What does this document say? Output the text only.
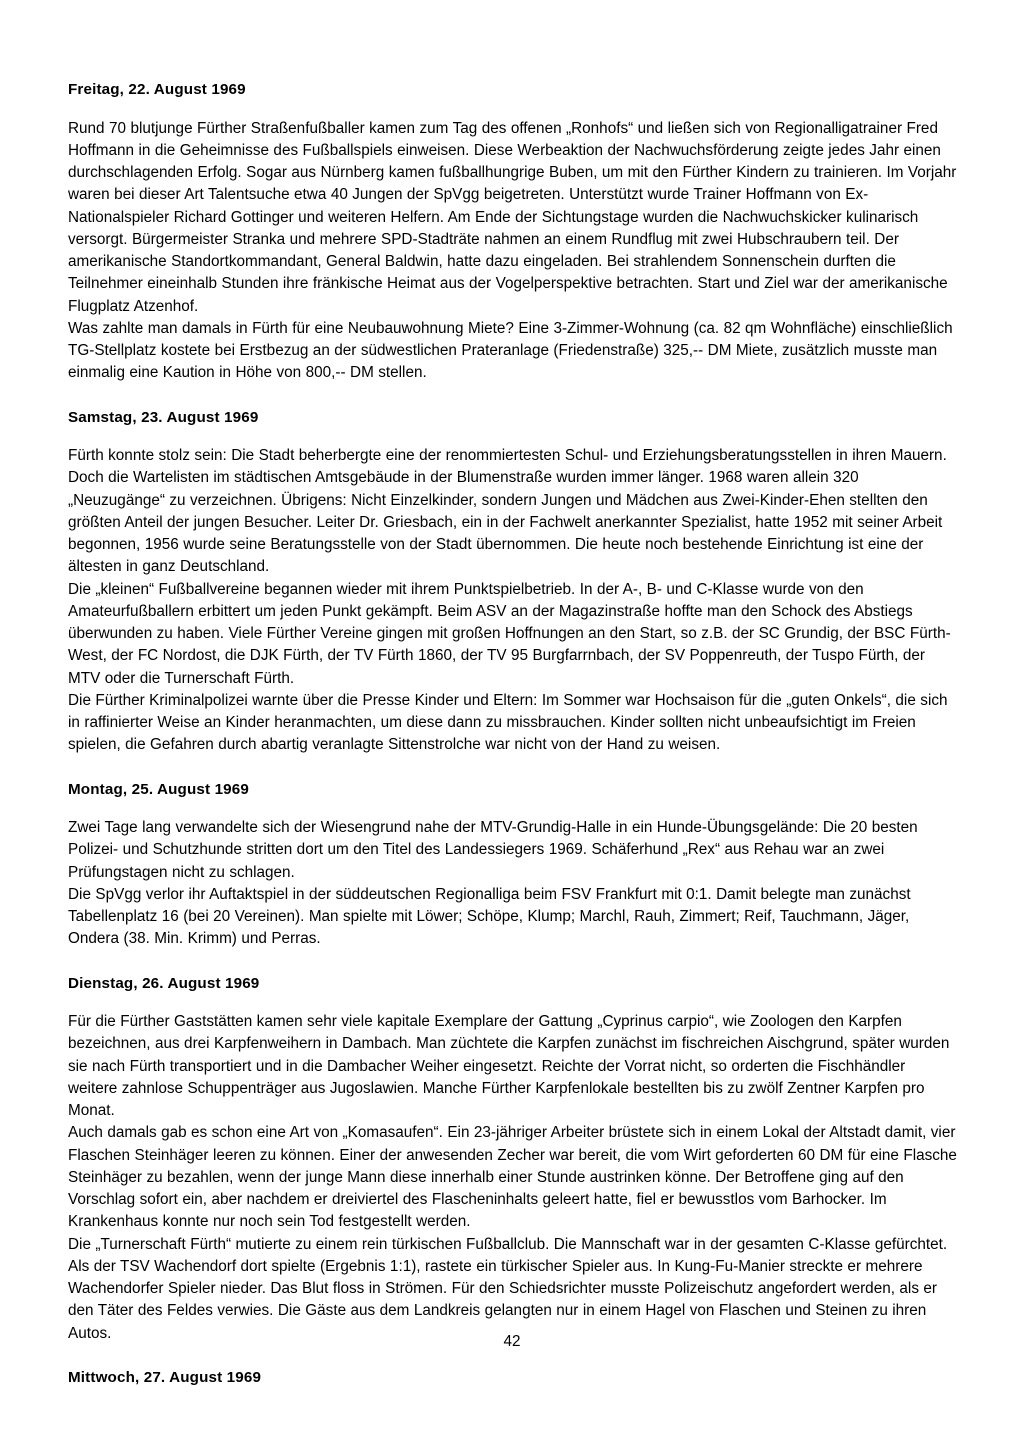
Freitag, 22. August 1969

Rund 70 blutjunge Fürther Straßenfußballer kamen zum Tag des offenen „Ronhofs“ und ließen sich von Regionalligatrainer Fred Hoffmann in die Geheimnisse des Fußballspiels einweisen. Diese Werbeaktion der Nachwuchsförderung zeigte jedes Jahr einen durchschlagenden Erfolg. Sogar aus Nürnberg kamen fußballhungrige Buben, um mit den Fürther Kindern zu trainieren. Im Vorjahr waren bei dieser Art Talentsuche etwa 40 Jungen der SpVgg beigetreten. Unterstützt wurde Trainer Hoffmann von Ex-Nationalspieler Richard Gottinger und weiteren Helfern. Am Ende der Sichtungstage wurden die Nachwuchskicker kulinarisch versorgt. Bürgermeister Stranka und mehrere SPD-Stadträte nahmen an einem Rundflug mit zwei Hubschraubern teil. Der amerikanische Standortkommandant, General Baldwin, hatte dazu eingeladen. Bei strahlendem Sonnenschein durften die Teilnehmer eineinhalb Stunden ihre fränkische Heimat aus der Vogelperspektive betrachten. Start und Ziel war der amerikanische Flugplatz Atzenhof.

Was zahlte man damals in Fürth für eine Neubauwohnung Miete? Eine 3-Zimmer-Wohnung (ca. 82 qm Wohnfläche) einschließlich TG-Stellplatz kostete bei Erstbezug an der südwestlichen Prateranlage (Friedenstraße) 325,-- DM Miete, zusätzlich musste man einmalig eine Kaution in Höhe von 800,-- DM stellen.

Samstag, 23. August 1969

Fürth konnte stolz sein: Die Stadt beherbergte eine der renommiertesten Schul- und Erziehungsberatungsstellen in ihren Mauern. Doch die Wartelisten im städtischen Amtsgebäude in der Blumenstraße wurden immer länger. 1968 waren allein 320 „Neuzugänge“ zu verzeichnen. Übrigens: Nicht Einzelkinder, sondern Jungen und Mädchen aus Zwei-Kinder-Ehen stellten den größten Anteil der jungen Besucher. Leiter Dr. Griesbach, ein in der Fachwelt anerkannter Spezialist, hatte 1952 mit seiner Arbeit begonnen, 1956 wurde seine Beratungsstelle von der Stadt übernommen. Die heute noch bestehende Einrichtung ist eine der ältesten in ganz Deutschland.

Die „kleinen“ Fußballvereine begannen wieder mit ihrem Punktspielbetrieb. In der A-, B- und C-Klasse wurde von den Amateurfußballern erbittert um jeden Punkt gekämpft. Beim ASV an der Magazinstraße hoffte man den Schock des Abstiegs überwunden zu haben. Viele Fürther Vereine gingen mit großen Hoffnungen an den Start, so z.B. der SC Grundig, der BSC Fürth-West, der FC Nordost, die DJK Fürth, der TV Fürth 1860, der TV 95 Burgfarrnbach, der SV Poppenreuth, der Tuspo Fürth, der MTV oder die Turnerschaft Fürth.

Die Fürther Kriminalpolizei warnte über die Presse Kinder und Eltern: Im Sommer war Hochsaison für die „guten Onkels“, die sich in raffinierter Weise an Kinder heranmachten, um diese dann zu missbrauchen. Kinder sollten nicht unbeaufsichtigt im Freien spielen, die Gefahren durch abartig veranlagte Sittenstrolche war nicht von der Hand zu weisen.

Montag, 25. August 1969

Zwei Tage lang verwandelte sich der Wiesengrund nahe der MTV-Grundig-Halle in ein Hunde-Übungsgelände: Die 20 besten Polizei- und Schutzhunde stritten dort um den Titel des Landessiegers 1969. Schäferhund „Rex“ aus Rehau war an zwei Prüfungstagen nicht zu schlagen.

Die SpVgg verlor ihr Auftaktspiel in der süddeutschen Regionalliga beim FSV Frankfurt mit 0:1. Damit belegte man zunächst Tabellenplatz 16 (bei 20 Vereinen). Man spielte mit Löwer; Schöpe, Klump; Marchl, Rauh, Zimmert; Reif, Tauchmann, Jäger, Ondera (38. Min. Krimm) und Perras.

Dienstag, 26. August 1969

Für die Fürther Gaststätten kamen sehr viele kapitale Exemplare der Gattung „Cyprinus carpio“, wie Zoologen den Karpfen bezeichnen, aus drei Karpfenweihern in Dambach. Man züchtete die Karpfen zunächst im fischreichen Aischgrund, später wurden sie nach Fürth transportiert und in die Dambacher Weiher eingesetzt. Reichte der Vorrat nicht, so orderten die Fischhändler weitere zahnlose Schuppenträger aus Jugoslawien. Manche Fürther Karpfenlokale bestellten bis zu zwölf Zentner Karpfen pro Monat.

Auch damals gab es schon eine Art von „Komasaufen“. Ein 23-jähriger Arbeiter brüstete sich in einem Lokal der Altstadt damit, vier Flaschen Steinhäger leeren zu können. Einer der anwesenden Zecher war bereit, die vom Wirt geforderten 60 DM für eine Flasche Steinhäger zu bezahlen, wenn der junge Mann diese innerhalb einer Stunde austrinken könne. Der Betroffene ging auf den Vorschlag sofort ein, aber nachdem er dreiviertel des Flascheninhalts geleert hatte, fiel er bewusstlos vom Barhocker. Im Krankenhaus konnte nur noch sein Tod festgestellt werden.

Die „Turnerschaft Fürth“ mutierte zu einem rein türkischen Fußballclub. Die Mannschaft war in der gesamten C-Klasse gefürchtet. Als der TSV Wachendorf dort spielte (Ergebnis 1:1), rastete ein türkischer Spieler aus. In Kung-Fu-Manier streckte er mehrere Wachendorfer Spieler nieder. Das Blut floss in Strömen. Für den Schiedsrichter musste Polizeischutz angefordert werden, als er den Täter des Feldes verwies. Die Gäste aus dem Landkreis gelangten nur in einem Hagel von Flaschen und Steinen zu ihren Autos.

Mittwoch, 27. August 1969
42
